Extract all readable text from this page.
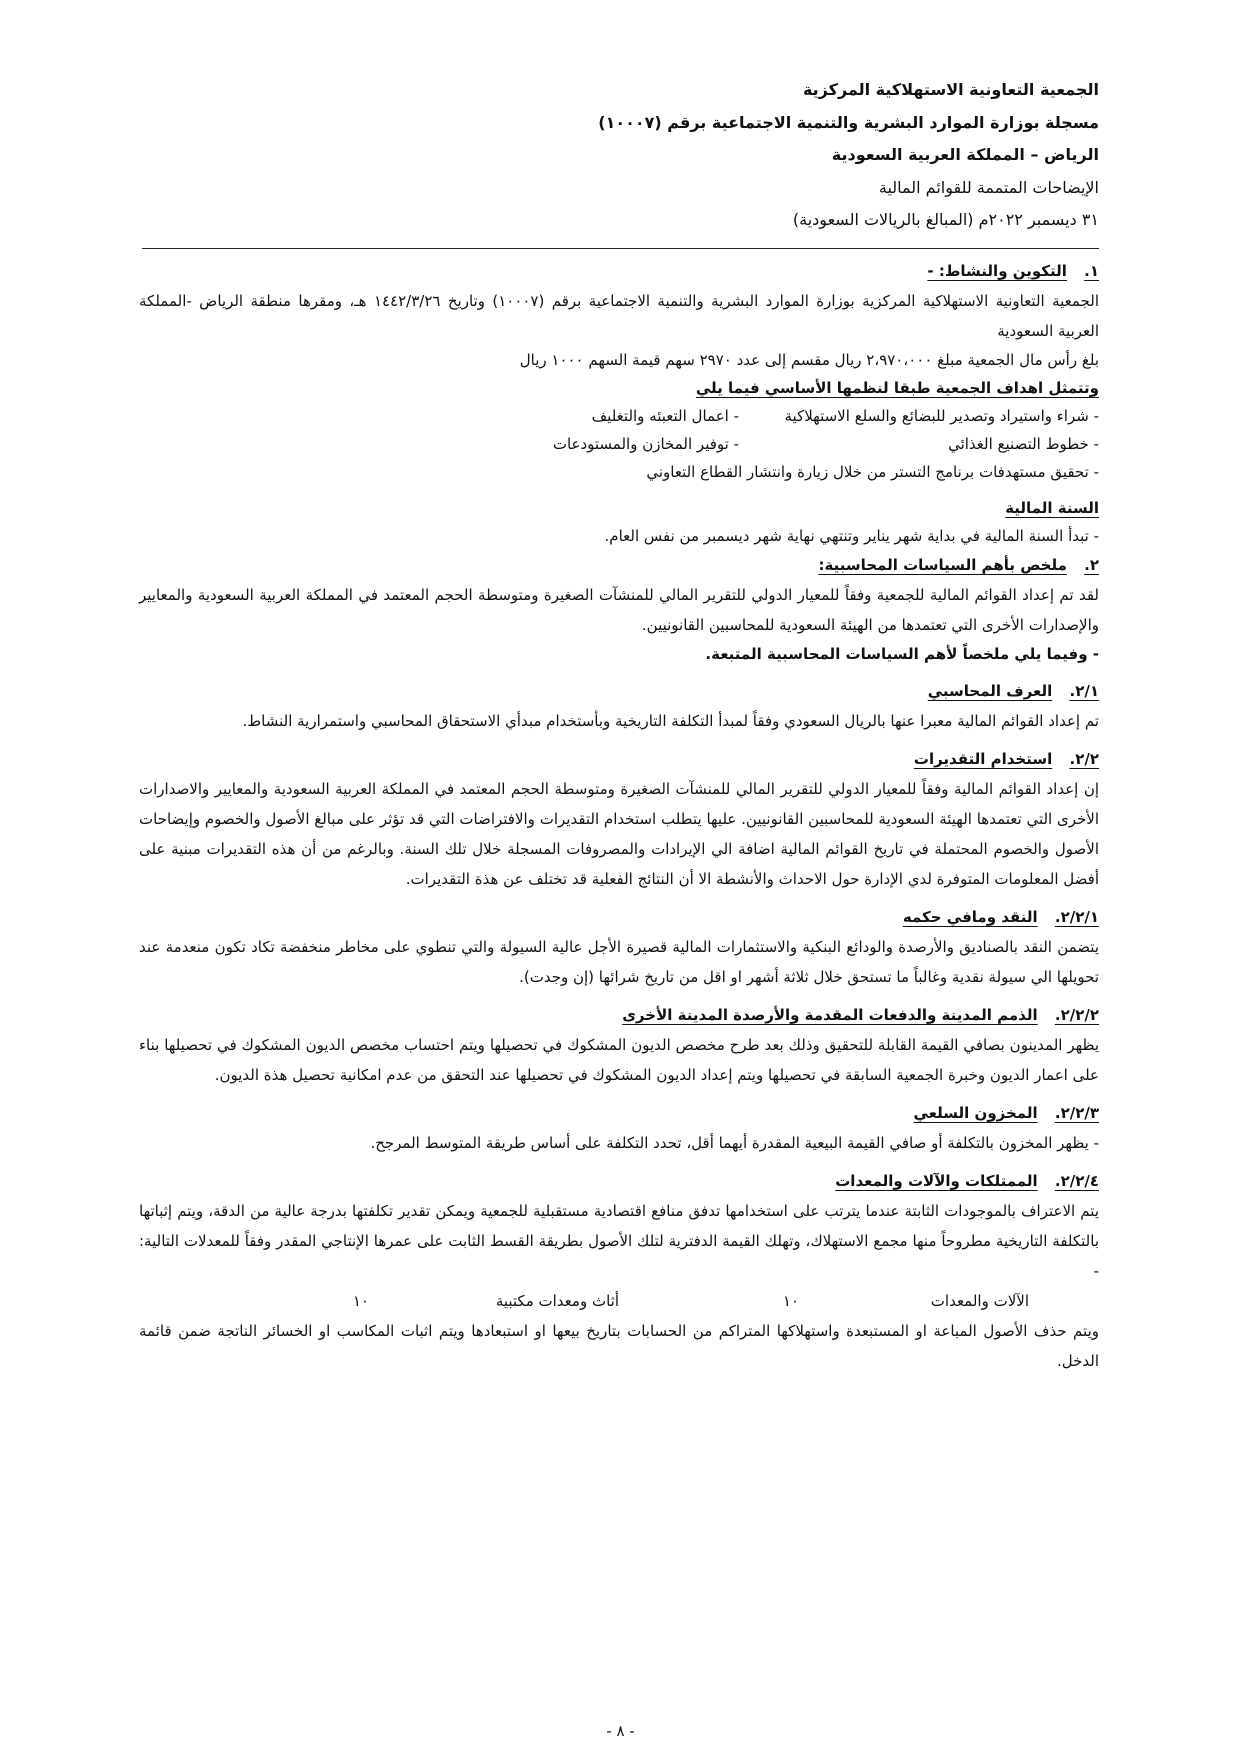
الجمعية التعاونية الاستهلاكية المركزية
مسجلة بوزارة الموارد البشرية والتنمية الاجتماعية برقم (١٠٠٠٧)
الرياض – المملكة العربية السعودية
الإيضاحات المتممة للقوائم المالية
٣١ ديسمبر ٢٠٢٢م (المبالغ بالريالات السعودية)
١. التكوين والنشاط: -
الجمعية التعاونية الاستهلاكية المركزية بوزارة الموارد البشرية والتنمية الاجتماعية برقم (١٠٠٠٧) وتاريخ ١٤٤٢/٣/٢٦ هـ، ومقرها منطقة الرياض -المملكة العربية السعودية
بلغ رأس مال الجمعية مبلغ ٢،٩٧٠،٠٠٠ ريال مقسم إلى عدد ٢٩٧٠ سهم قيمة السهم ١٠٠٠ ريال
وتتمثل اهداف الجمعية طبقا لنظمها الأساسي فيما يلي
- شراء واستيراد وتصدير للبضائع والسلع الاستهلاكية
- اعمال التعبئه والتغليف
- خطوط التصنيع الغذائي
- توفير المخازن والمستودعات
- تحقيق مستهدفات برنامج التستر من خلال زيارة وانتشار القطاع التعاوني
السنة المالية
- تبدأ السنة المالية في بداية شهر يناير وتنتهي نهاية شهر ديسمبر من نفس العام.
٢. ملخص بأهم السياسات المحاسبية:
لقد تم إعداد القوائم المالية للجمعية وفقاً للمعيار الدولي للتقرير المالي للمنشآت الصغيرة ومتوسطة الحجم المعتمد في المملكة العربية السعودية والمعايير والإصدارات الأخرى التي تعتمدها من الهيئة السعودية للمحاسبين القانونيين.
- وفيما يلي ملخصاً لأهم السياسات المحاسبية المتبعة.
٢/١. العرف المحاسبي
تم إعداد القوائم المالية معبرا عنها بالريال السعودي وفقاً لمبدأ التكلفة التاريخية وبأستخدام مبدأي الاستحقاق المحاسبي واستمرارية النشاط.
٢/٢. استخدام التقديرات
إن إعداد القوائم المالية وفقاً للمعيار الدولي للتقرير المالي للمنشآت الصغيرة ومتوسطة الحجم المعتمد في المملكة العربية السعودية والمعايير والاصدارات الأخرى التي تعتمدها الهيئة السعودية للمحاسبين القانونيين. عليها يتطلب استخدام التقديرات والافتراضات التي قد تؤثر على مبالغ الأصول والخصوم وإيضاحات الأصول والخصوم المحتملة في تاريخ القوائم المالية اضافة الي الإيرادات والمصروفات المسجلة خلال تلك السنة. وبالرغم من أن هذه التقديرات مبنية على أفضل المعلومات المتوفرة لدي الإدارة حول الاحداث والأنشطة الا أن النتائج الفعلية قد تختلف عن هذة التقديرات.
٢/٢/١. النقد ومافي حكمه
يتضمن النقد بالصناديق والأرصدة والودائع البنكية والاستثمارات المالية قصيرة الأجل عالية السيولة والتي تنطوي على مخاطر منخفضة تكاد تكون منعدمة عند تحويلها الي سيولة نقدية وغالباً ما تستحق خلال ثلاثة أشهر او اقل من تاريخ شرائها (إن وجدت).
٢/٢/٢. الذمم المدينة والدفعات المقدمة والأرصدة المدينة الأخرى
يظهر المدينون بصافي القيمة القابلة للتحقيق وذلك بعد طرح مخصص الديون المشكوك في تحصيلها ويتم احتساب مخصص الديون المشكوك في تحصيلها بناء على اعمار الديون وخبرة الجمعية السابقة في تحصيلها ويتم إعداد الديون المشكوك في تحصيلها عند التحقق من عدم امكانية تحصيل هذة الديون.
٢/٢/٣. المخزون السلعي
- يظهر المخزون بالتكلفة أو صافي القيمة البيعية المقدرة أيهما أقل، تحدد التكلفة على أساس طريقة المتوسط المرجح.
٢/٢/٤. الممتلكات والآلات والمعدات
يتم الاعتراف بالموجودات الثابتة عندما يترتب على استخدامها تدفق منافع اقتصادية مستقبلية للجمعية ويمكن تقدير تكلفتها بدرجة عالية من الدقة، ويتم إثباتها بالتكلفة التاريخية مطروحاً منها مجمع الاستهلاك، وتهلك القيمة الدفترية لتلك الأصول بطريقة القسط الثابت على عمرها الإنتاجي المقدر وفقاً للمعدلات التالية: -
الآلات والمعدات
١٠
أثاث ومعدات مكتبية
١٠
ويتم حذف الأصول المباعة او المستبعدة واستهلاكها المتراكم من الحسابات بتاريخ بيعها او استبعادها ويتم اثبات المكاسب او الخسائر الناتجة ضمن قائمة الدخل.
- ٨ -
